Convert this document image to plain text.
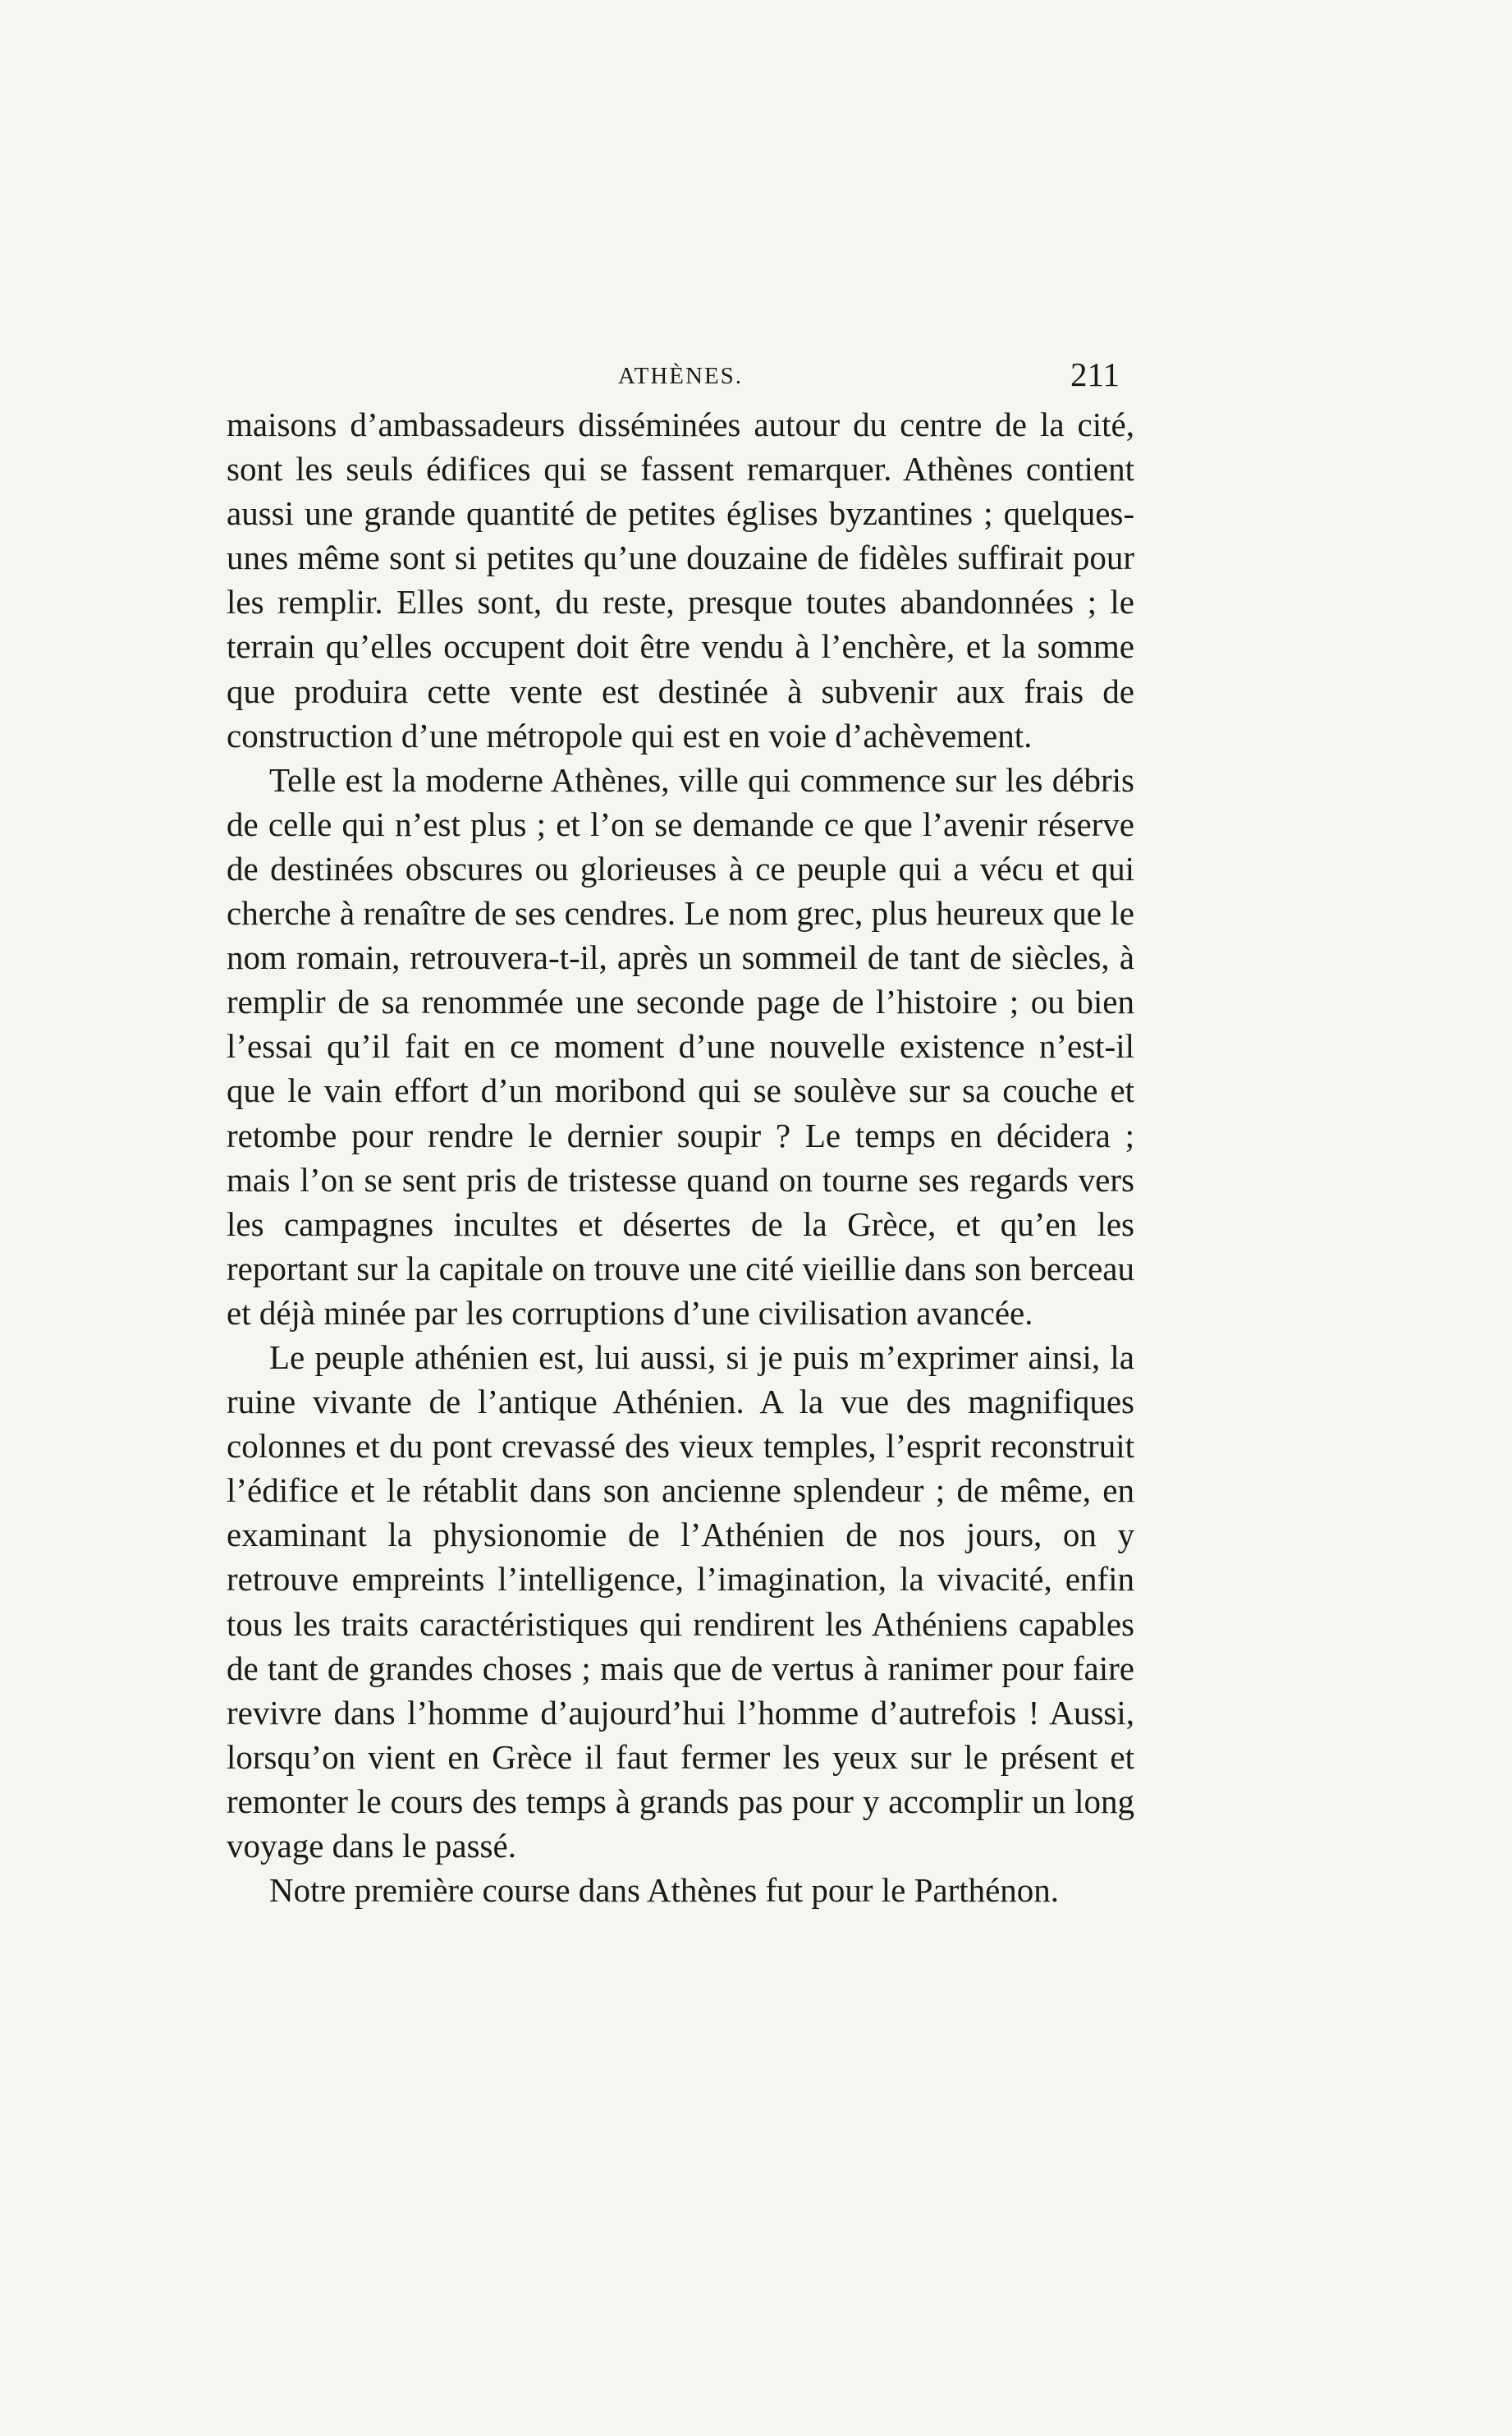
ATHÈNES.	211

maisons d’ambassadeurs disséminées autour du centre de la cité, sont les seuls édifices qui se fassent remarquer. Athènes contient aussi une grande quantité de petites églises byzantines ; quelques-unes même sont si petites qu’une douzaine de fidèles suffirait pour les remplir. Elles sont, du reste, presque toutes abandonnées ; le terrain qu’elles occupent doit être vendu à l’enchère, et la somme que produira cette vente est destinée à subvenir aux frais de construction d’une métropole qui est en voie d’achèvement.

Telle est la moderne Athènes, ville qui commence sur les débris de celle qui n’est plus ; et l’on se demande ce que l’avenir réserve de destinées obscures ou glorieuses à ce peuple qui a vécu et qui cherche à renaître de ses cendres. Le nom grec, plus heureux que le nom romain, retrouvera-t-il, après un sommeil de tant de siècles, à remplir de sa renommée une seconde page de l’histoire ; ou bien l’essai qu’il fait en ce moment d’une nouvelle existence n’est-il que le vain effort d’un moribond qui se soulève sur sa couche et retombe pour rendre le dernier soupir ? Le temps en décidera ; mais l’on se sent pris de tristesse quand on tourne ses regards vers les campagnes incultes et désertes de la Grèce, et qu’en les reportant sur la capitale on trouve une cité vieillie dans son berceau et déjà minée par les corruptions d’une civilisation avancée.

Le peuple athénien est, lui aussi, si je puis m’exprimer ainsi, la ruine vivante de l’antique Athénien. A la vue des magnifiques colonnes et du pont crevassé des vieux temples, l’esprit reconstruit l’édifice et le rétablit dans son ancienne splendeur ; de même, en examinant la physionomie de l’Athénien de nos jours, on y retrouve empreints l’intelligence, l’imagination, la vivacité, enfin tous les traits caractéristiques qui rendirent les Athéniens capables de tant de grandes choses ; mais que de vertus à ranimer pour faire revivre dans l’homme d’aujourd’hui l’homme d’autrefois ! Aussi, lorsqu’on vient en Grèce il faut fermer les yeux sur le présent et remonter le cours des temps à grands pas pour y accomplir un long voyage dans le passé.

Notre première course dans Athènes fut pour le Parthénon.
